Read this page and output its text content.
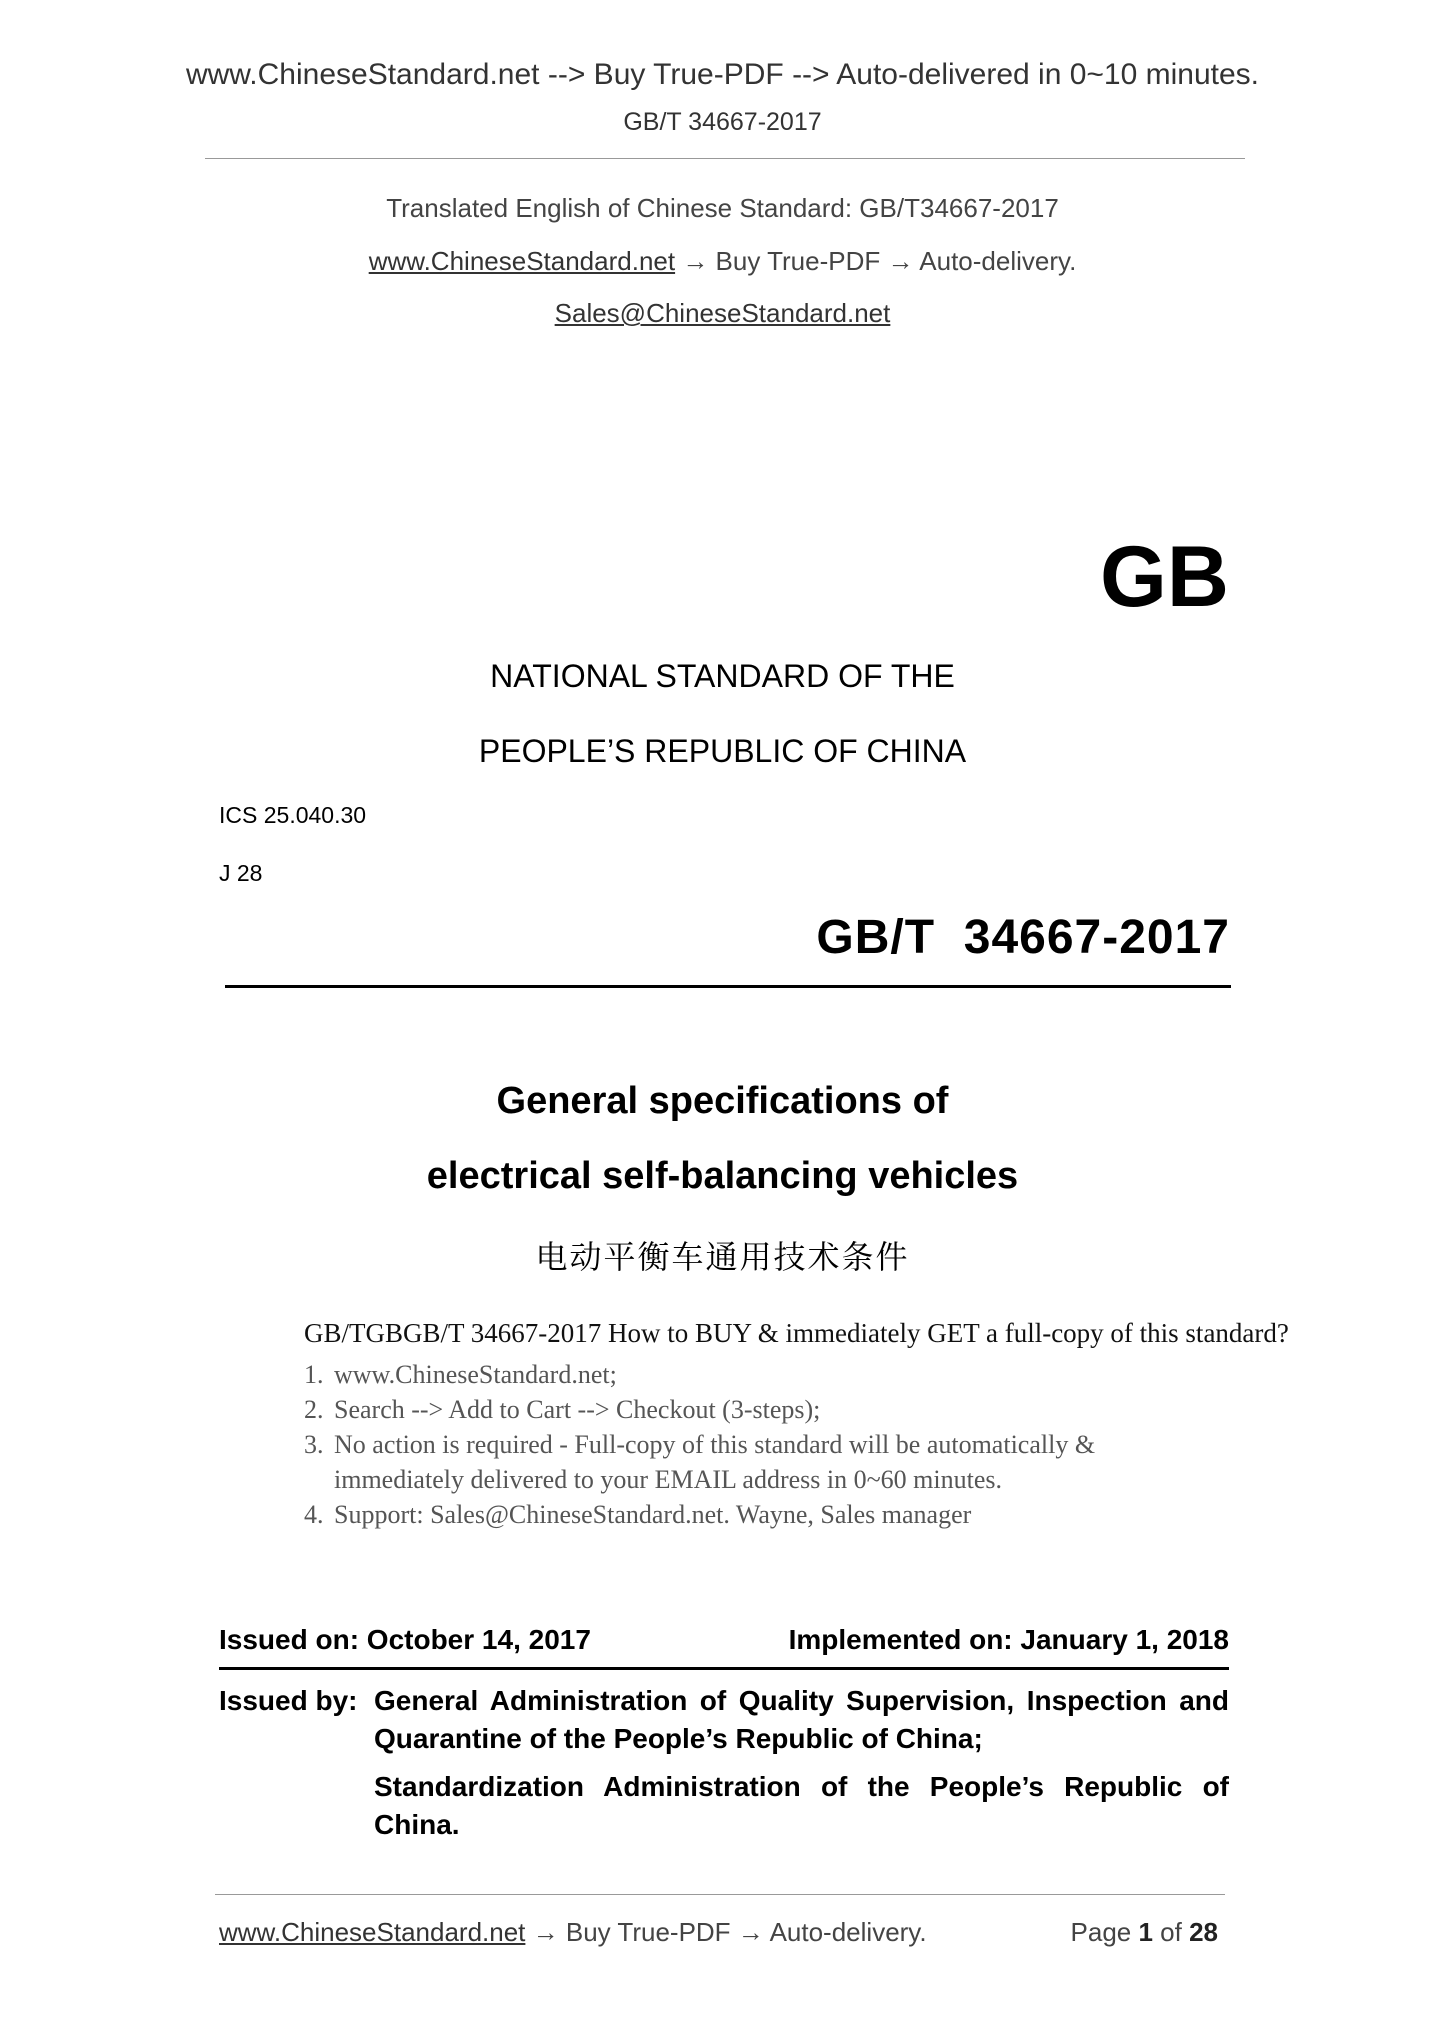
www.ChineseStandard.net --> Buy True-PDF --> Auto-delivered in 0~10 minutes.
GB/T 34667-2017
Translated English of Chinese Standard: GB/T34667-2017
www.ChineseStandard.net → Buy True-PDF → Auto-delivery.
Sales@ChineseStandard.net
GB
NATIONAL STANDARD OF THE
PEOPLE’S REPUBLIC OF CHINA
ICS 25.040.30
J 28
GB/T  34667-2017
General specifications of
electrical self-balancing vehicles
电动平衡车通用技术条件
GB/TGBGB/T 34667-2017 How to BUY & immediately GET a full-copy of this standard?
1. www.ChineseStandard.net;
2. Search --> Add to Cart --> Checkout (3-steps);
3. No action is required - Full-copy of this standard will be automatically &
immediately delivered to your EMAIL address in 0~60 minutes.
4. Support: Sales@ChineseStandard.net. Wayne, Sales manager
Issued on: October 14, 2017	Implemented on: January 1, 2018
Issued by: General Administration of Quality Supervision, Inspection and Quarantine of the People’s Republic of China;

Standardization Administration of the People’s Republic of China.

www.ChineseStandard.net → Buy True-PDF → Auto-delivery.	Page 1 of 28
